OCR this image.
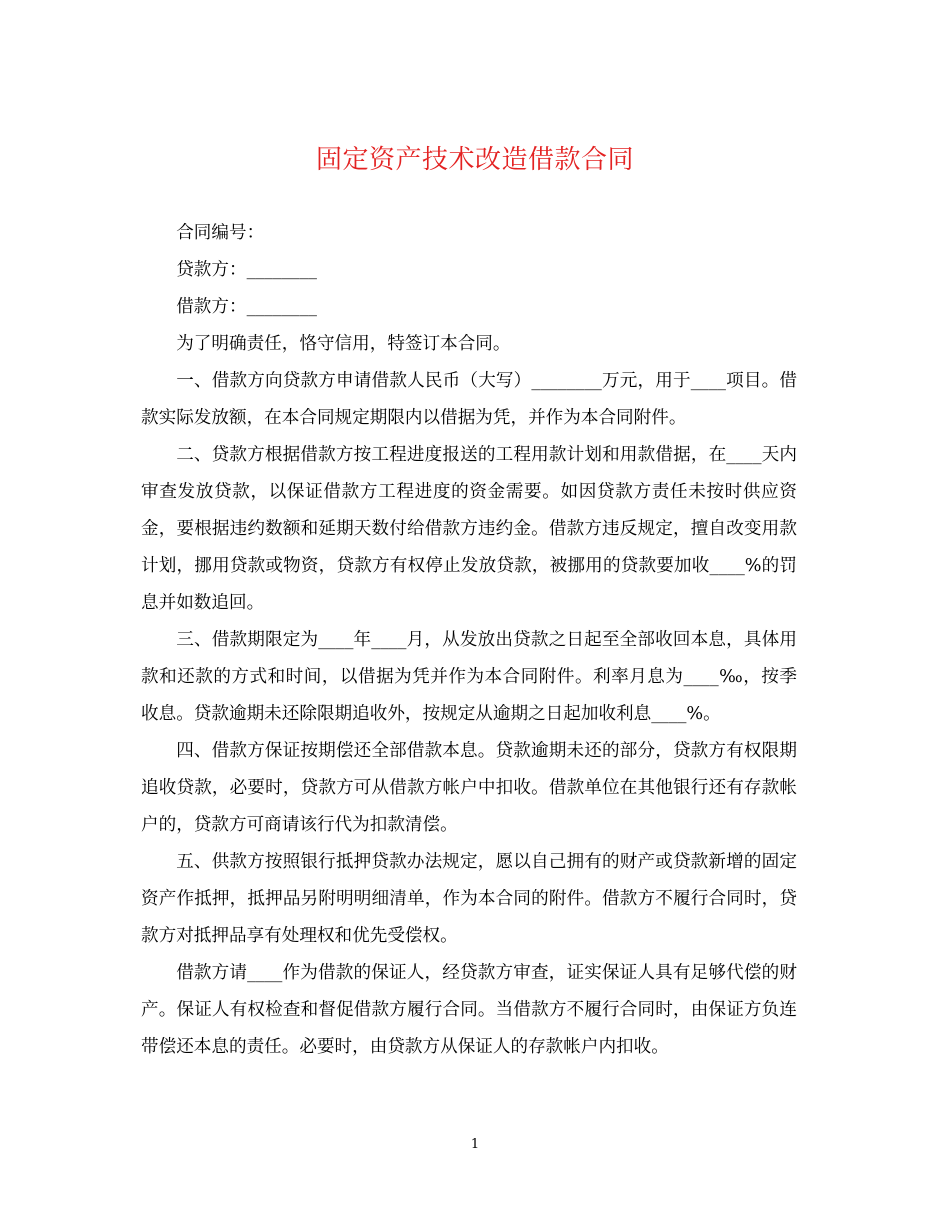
固定资产技术改造借款合同

合同编号：

贷款方：________

借款方：________

为了明确责任，恪守信用，特签订本合同。

一、借款方向贷款方申请借款人民币（大写）________万元，用于____项目。借款实际发放额，在本合同规定期限内以借据为凭，并作为本合同附件。

二、贷款方根据借款方按工程进度报送的工程用款计划和用款借据，在____天内审查发放贷款，以保证借款方工程进度的资金需要。如因贷款方责任未按时供应资金，要根据违约数额和延期天数付给借款方违约金。借款方违反规定，擅自改变用款计划，挪用贷款或物资，贷款方有权停止发放贷款，被挪用的贷款要加收____%的罚息并如数追回。

三、借款期限定为____年____月，从发放出贷款之日起至全部收回本息，具体用款和还款的方式和时间，以借据为凭并作为本合同附件。利率月息为____‰，按季收息。贷款逾期未还除限期追收外，按规定从逾期之日起加收利息____%。

四、借款方保证按期偿还全部借款本息。贷款逾期未还的部分，贷款方有权限期追收贷款，必要时，贷款方可从借款方帐户中扣收。借款单位在其他银行还有存款帐户的，贷款方可商请该行代为扣款清偿。

五、供款方按照银行抵押贷款办法规定，愿以自己拥有的财产或贷款新增的固定资产作抵押，抵押品另附明明细清单，作为本合同的附件。借款方不履行合同时，贷款方对抵押品享有处理权和优先受偿权。

借款方请____作为借款的保证人，经贷款方审查，证实保证人具有足够代偿的财产。保证人有权检查和督促借款方履行合同。当借款方不履行合同时，由保证方负连带偿还本息的责任。必要时，由贷款方从保证人的存款帐户内扣收。

1
